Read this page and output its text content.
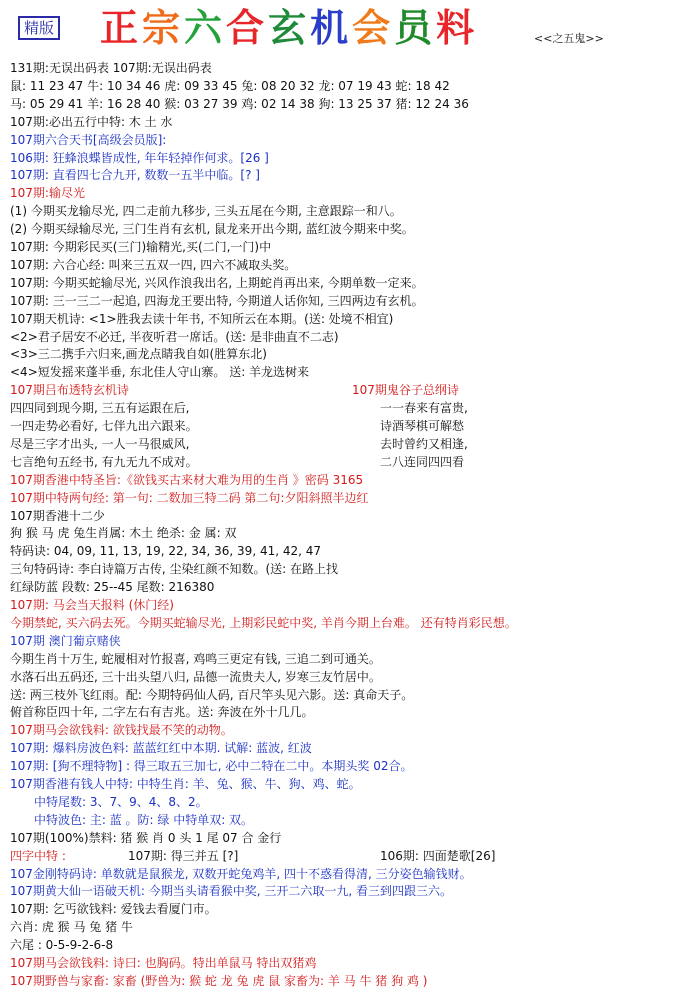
精版 正宗六合玄机会员料	<<之五鬼>>
131期:无误出码表 107期:无误出码表
鼠: 11 23 47 牛: 10 34 46 虎: 09 33 45 兔: 08 20 32 龙: 07 19 43 蛇: 18 42
马: 05 29 41 羊: 16 28 40 猴: 03 27 39 鸡: 02 14 38 狗: 13 25 37 猪: 12 24 36
107期:必出五行中特: 木 土 水
107期六合天书[高级会员版]:
106期: 狂蜂浪蝶皆成性, 年年轻掉作何求。[26 ]
107期: 直看四七合九开, 数数一五半中临。[? ]
107期:输尽光
(1) 今期买龙输尽光, 四二走前九移步, 三头五尾在今期, 主意跟踪一和八。
(2) 今期买绿输尽光, 三门生肖有玄机, 鼠龙来开出今期, 蓝红波今期来中奖。
107期: 今期彩民买(三门)输精光,买(二门,一门)中
107期: 六合心经: 叫来三五双一四, 四六不减取头奖。
107期: 今期买蛇输尽光, 兴风作浪我出名, 上期蛇肖再出来, 今期单数一定来。
107期: 三一三二一起追, 四海龙王要出特, 今期道人话你知, 三四两边有玄机。
107期天机诗: <1>胜我去读十年书, 不知所云在本期。(送: 处境不相宜)
<2>君子居安不必迁, 半夜听君一席话。(送: 是非曲直不二志)
<3>三二携手六归来,画龙点睛我自如(胜算东北)
<4>短发摇来蓬半垂, 东北佳人守山寨。 送: 羊龙选树来
107期吕布透特玄机诗	107期鬼谷子总纲诗
四四同到现今期, 三五有运跟在后,	一一春来有富贵,
一四走势必看好, 七伴九出六跟来。	诗酒琴棋可解愁
尽是三字才出头, 一人一马很威风,	去时曾约又相逢,
七言绝句五经书, 有九无九不成对。	二八连同四四看
107期香港中特圣旨:《欲钱买古来材大难为用的生肖 》密码 3165
107期中特两句经: 第一句: 二数加三特二码 第二句:夕阳斜照半边红
107期香港十二少
狗 猴 马 虎 兔生肖属: 木土 绝杀: 金 属: 双
特码诀: 04, 09, 11, 13, 19, 22, 34, 36, 39, 41, 42, 47
三句特码诗: 李白诗篇万古传, 尘染红颜不知数。(送: 在路上找
红绿防蓝 段数: 25--45 尾数: 216380
107期: 马会当天报料 (休门经)
今期禁蛇, 买六码去死。今期买蛇输尽光, 上期彩民蛇中奖, 羊肖今期上台难。 还有特肖彩民想。
107期 澳门葡京赌侠
今期生肖十万生, 蛇履相对竹报喜, 鸡鸣三更定有钱, 三追二到可通关。
水落石出五码还, 三十出头望八归, 品德一流贵夫人, 岁寒三友竹居中。
送: 两三枝外飞红雨。配: 今期特码仙人码, 百尺竿头见六影。送: 真命天子。
俯首称臣四十年, 二字左右有吉兆。送: 奔波在外十几几。
107期马会欲钱料: 欲钱找最不笑的动物。
107期: 爆料房波色料: 蓝蓝红红中本期. 试解: 蓝波, 红波
107期: [狗不理特物] : 得三取五三加七, 必中二特在二中。本期头奖 02合。
107期香港有钱人中特: 中特生肖: 羊、兔、猴、牛、狗、鸡、蛇。
中特尾数: 3、7、9、4、8、2。
中特波色: 主: 蓝 。防: 绿 中特单双: 双。
107期(100%)禁料: 猪 猴 肖 0 头 1 尾 07 合 金行
四字中特 :	107期: 得三并五 [?]	106期: 四面楚歌[26]
107金刚特码诗: 单数就是鼠猴龙, 双数开蛇兔鸡羊, 四十不惑看得清, 三分姿色输钱财。
107期黄大仙一语破天机: 今期当头请看猴中奖, 三开二六取一九, 看三到四跟三六。
107期: 乞丐欲钱料: 爱钱去看厦门市。
六肖: 虎 猴 马 兔 猪 牛
六尾 : 0-5-9-2-6-8
107期马会欲钱料: 诗曰: 也胸码。特出单鼠马 特出双猪鸡
107期野兽与家畜: 家畜 (野兽为: 猴 蛇 龙 兔 虎 鼠 家畜为: 羊 马 牛 猪 狗 鸡 )
